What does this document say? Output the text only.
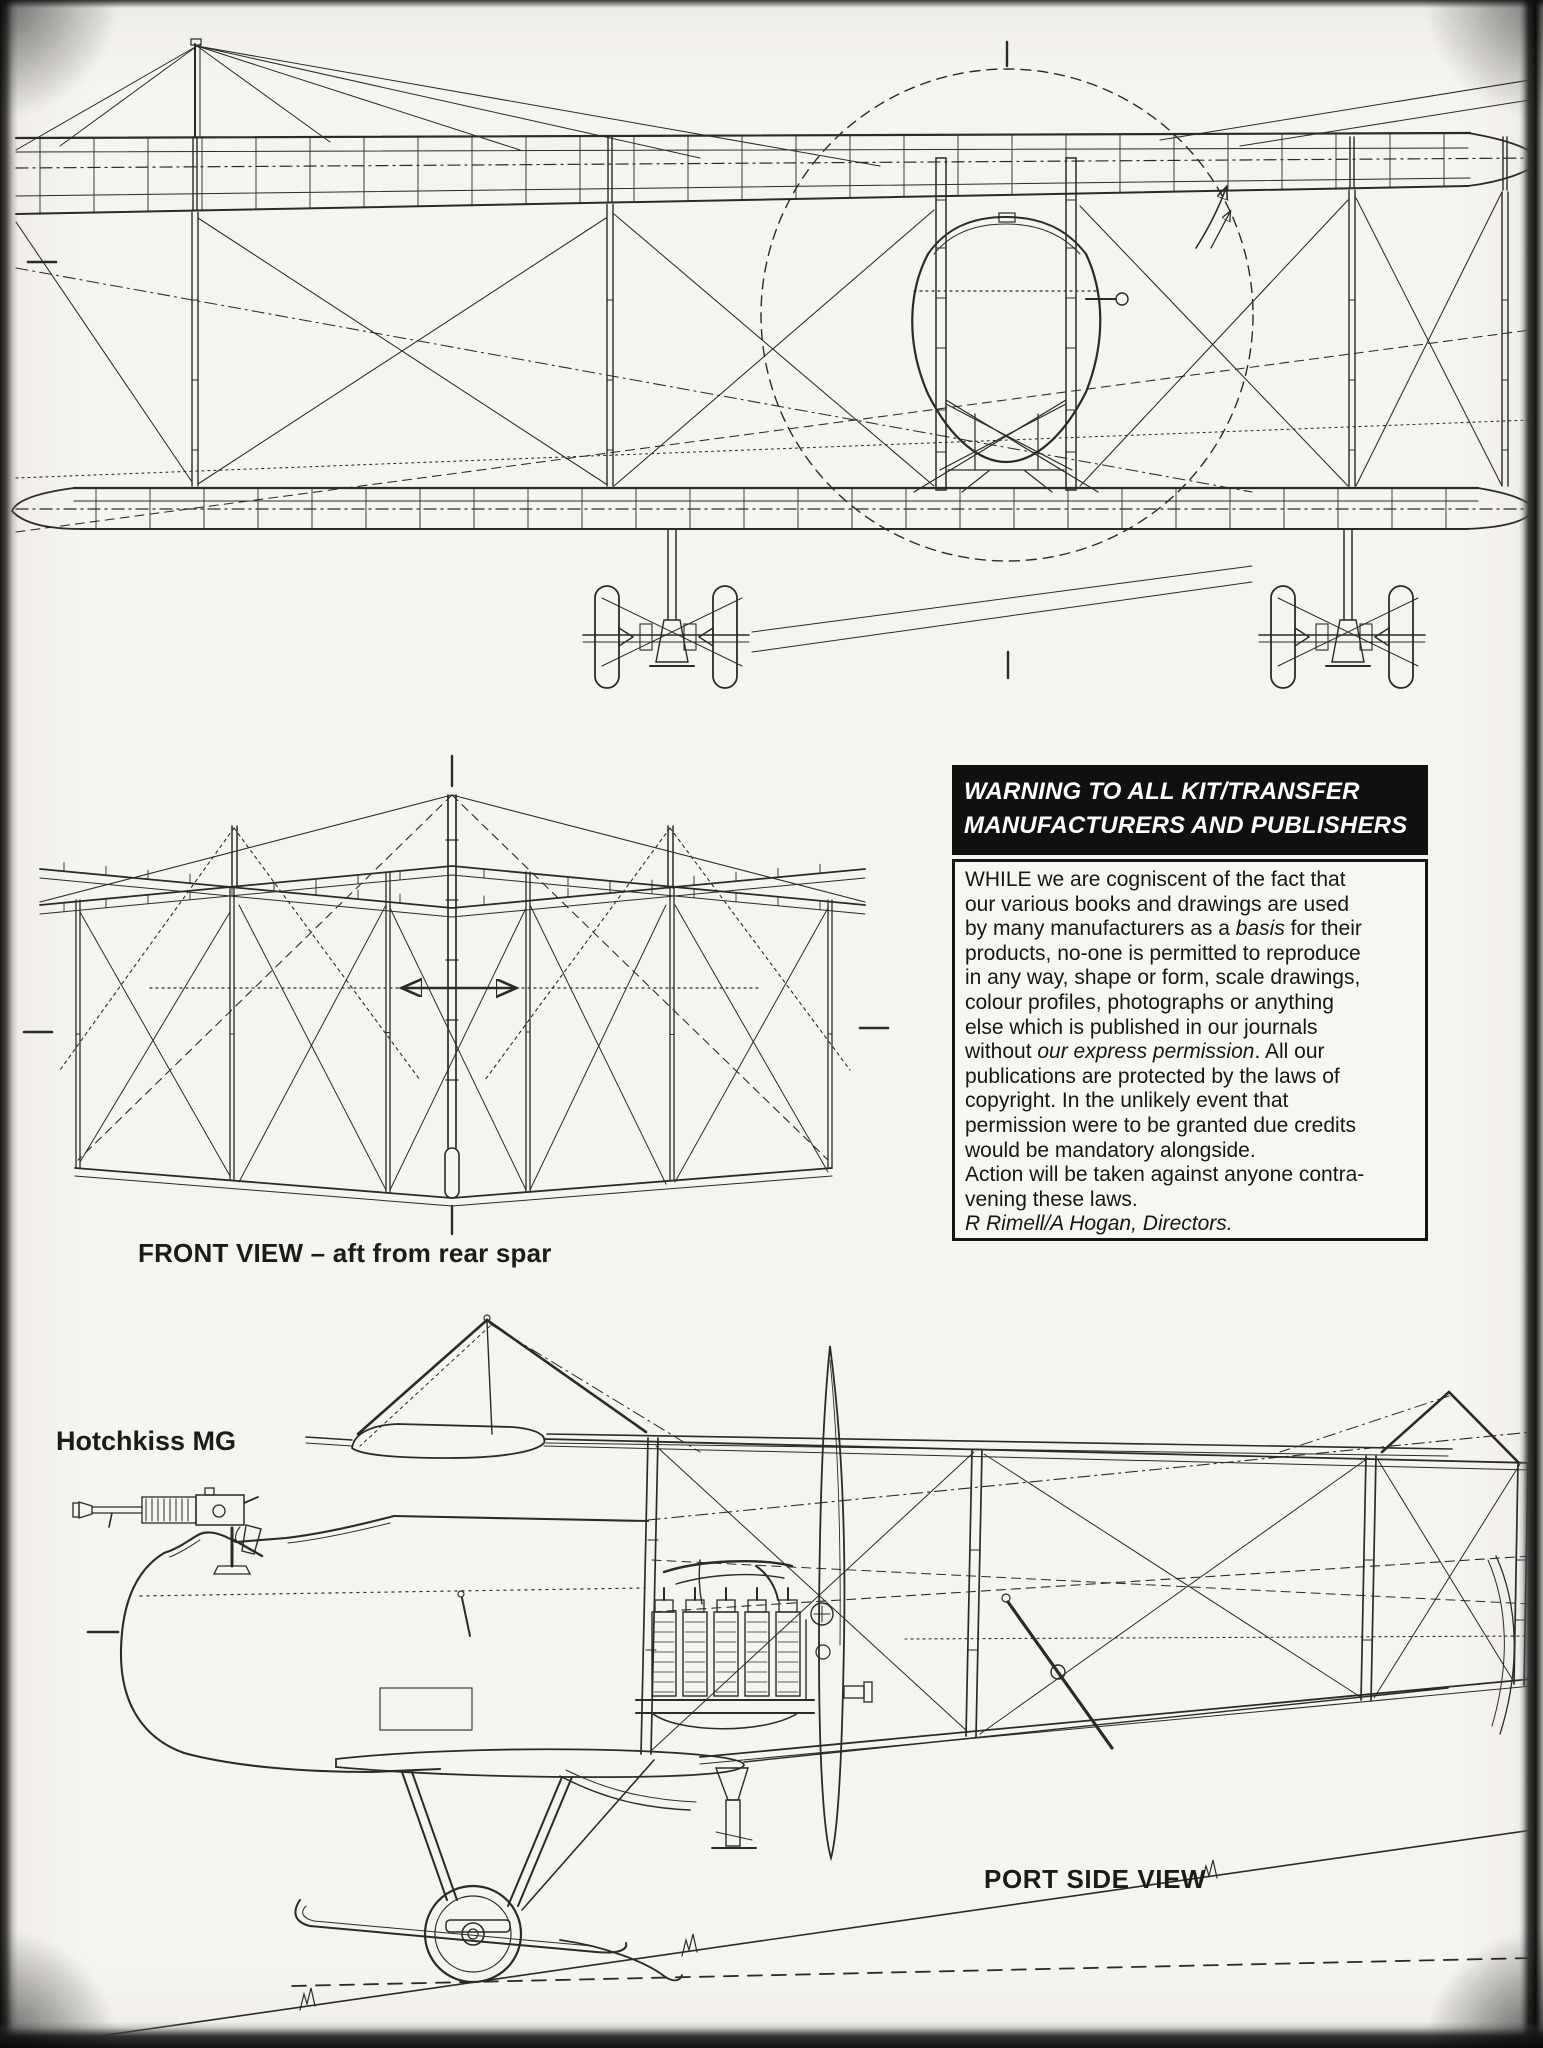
FRONT VIEW – aft from rear spar
Hotchkiss MG
PORT SIDE VIEW
WARNING TO ALL KIT/TRANSFER
MANUFACTURERS AND PUBLISHERS
WHILE we are cogniscent of the fact that
our various books and drawings are used
by many manufacturers as a basis for their
products, no-one is permitted to reproduce
in any way, shape or form, scale drawings,
colour profiles, photographs or anything
else which is published in our journals
without our express permission. All our
publications are protected by the laws of
copyright. In the unlikely event that
permission were to be granted due credits
would be mandatory alongside.
Action will be taken against anyone contra-
vening these laws.
R Rimell/A Hogan, Directors.
